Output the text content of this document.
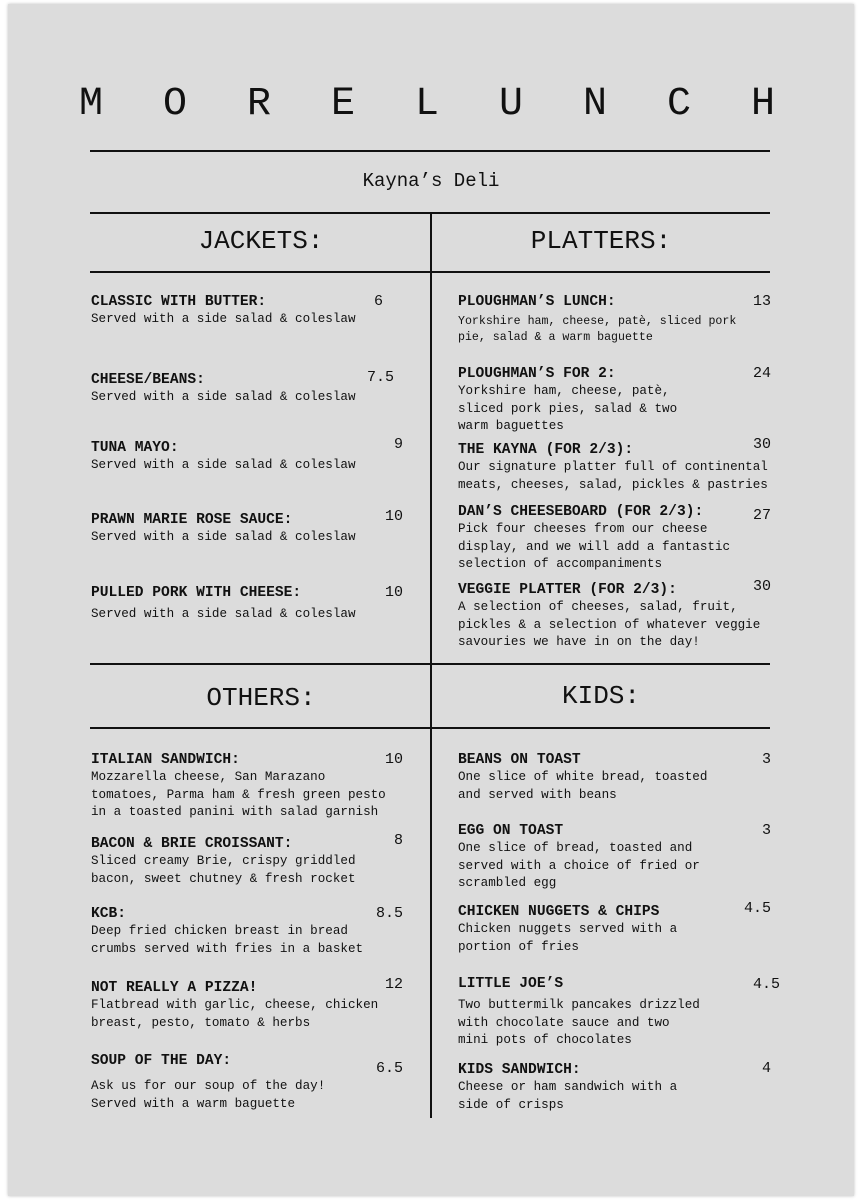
M O R E L U N C H
Kayna’s Deli
JACKETS:	PLATTERS:
OTHERS:	KIDS:
CLASSIC WITH BUTTER:
Served with a side salad & coleslaw
6
CHEESE/BEANS:
Served with a side salad & coleslaw
7.5
TUNA MAYO:
Served with a side salad & coleslaw
9
PRAWN MARIE ROSE SAUCE:
Served with a side salad & coleslaw
10
PULLED PORK WITH CHEESE:
Served with a side salad & coleslaw
10
PLOUGHMAN’S LUNCH:
Yorkshire ham, cheese, patè, sliced pork
pie, salad & a warm baguette
13
PLOUGHMAN’S FOR 2:
Yorkshire ham, cheese, patè,
sliced pork pies, salad & two
warm baguettes
24
THE KAYNA (FOR 2/3):
Our signature platter full of continental
meats, cheeses, salad, pickles & pastries
30
DAN’S CHEESEBOARD (FOR 2/3):
Pick four cheeses from our cheese
display, and we will add a fantastic
selection of accompaniments
27
VEGGIE PLATTER (FOR 2/3):
A selection of cheeses, salad, fruit,
pickles & a selection of whatever veggie
savouries we have in on the day!
30
ITALIAN SANDWICH:
Mozzarella cheese, San Marazano
tomatoes, Parma ham & fresh green pesto
in a toasted panini with salad garnish
10
BACON & BRIE CROISSANT:
Sliced creamy Brie, crispy griddled
bacon, sweet chutney & fresh rocket
8
KCB:
Deep fried chicken breast in bread
crumbs served with fries in a basket
8.5
NOT REALLY A PIZZA!
Flatbread with garlic, cheese, chicken
breast, pesto, tomato & herbs
12
SOUP OF THE DAY:
Ask us for our soup of the day!
Served with a warm baguette
6.5
BEANS ON TOAST
One slice of white bread, toasted
and served with beans
3
EGG ON TOAST
One slice of bread, toasted and
served with a choice of fried or
scrambled egg
3
CHICKEN NUGGETS & CHIPS
Chicken nuggets served with a
portion of fries
4.5
LITTLE JOE’S
Two buttermilk pancakes drizzled
with chocolate sauce and two
mini pots of chocolates
4.5
KIDS SANDWICH:
Cheese or ham sandwich with a
side of crisps
4
